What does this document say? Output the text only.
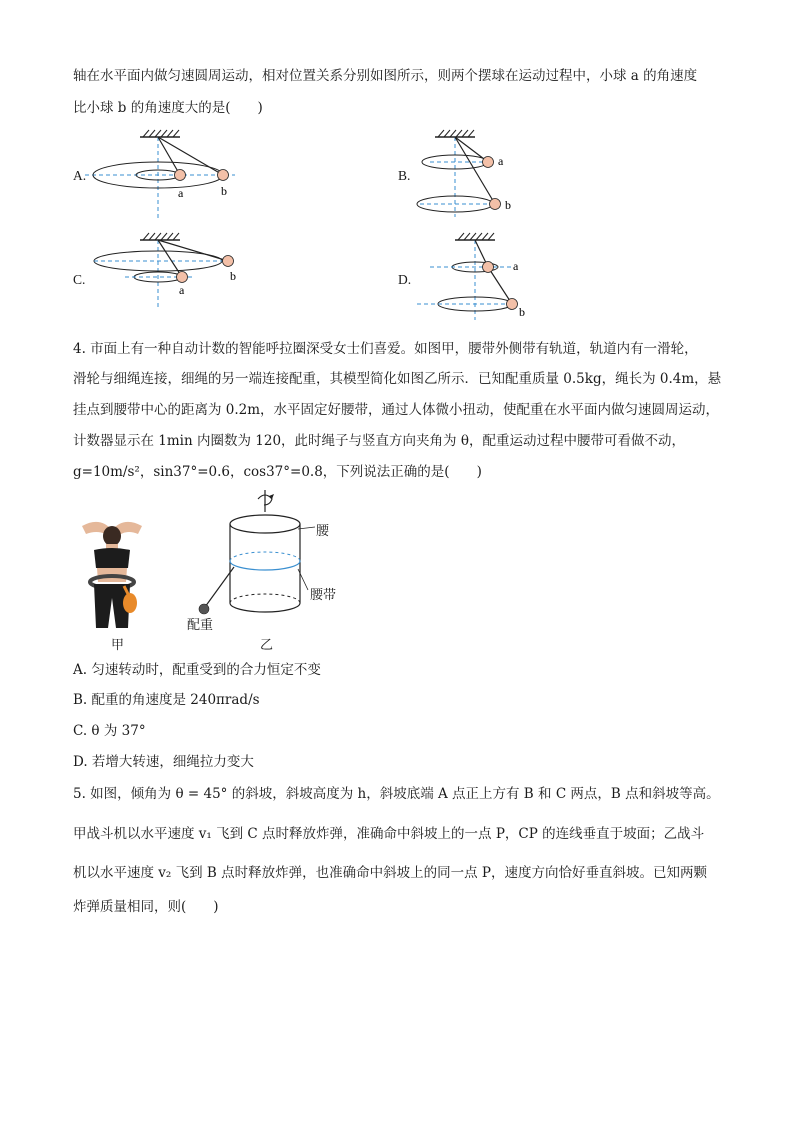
轴在水平面内做匀速圆周运动，相对位置关系分别如图所示，则两个摆球在运动过程中，小球 a 的角速度
比小球 b 的角速度大的是(　　)
A.
a	b
B.
a
b
C.	b
a
D.
a
b
4. 市面上有一种自动计数的智能呼拉圈深受女士们喜爱。如图甲，腰带外侧带有轨道，轨道内有一滑轮，
滑轮与细绳连接，细绳的另一端连接配重，其模型简化如图乙所示．已知配重质量 0.5kg，绳长为 0.4m，悬
挂点到腰带中心的距离为 0.2m，水平固定好腰带，通过人体微小扭动，使配重在水平面内做匀速圆周运动，
计数器显示在 1min 内圈数为 120，此时绳子与竖直方向夹角为 θ，配重运动过程中腰带可看做不动，
g=10m/s²，sin37°=0.6，cos37°=0.8，下列说法正确的是(　　)
甲
腰
腰带
配重
乙
A. 匀速转动时，配重受到的合力恒定不变
B. 配重的角速度是 240πrad/s
C. θ 为 37°
D. 若增大转速，细绳拉力变大
5. 如图，倾角为 θ = 45° 的斜坡，斜坡高度为 h，斜坡底端 A 点正上方有 B 和 C 两点，B 点和斜坡等高。
甲战斗机以水平速度 v₁ 飞到 C 点时释放炸弹，准确命中斜坡上的一点 P，CP 的连线垂直于坡面；乙战斗
机以水平速度 v₂ 飞到 B 点时释放炸弹，也准确命中斜坡上的同一点 P，速度方向恰好垂直斜坡。已知两颗
炸弹质量相同，则(　　)
